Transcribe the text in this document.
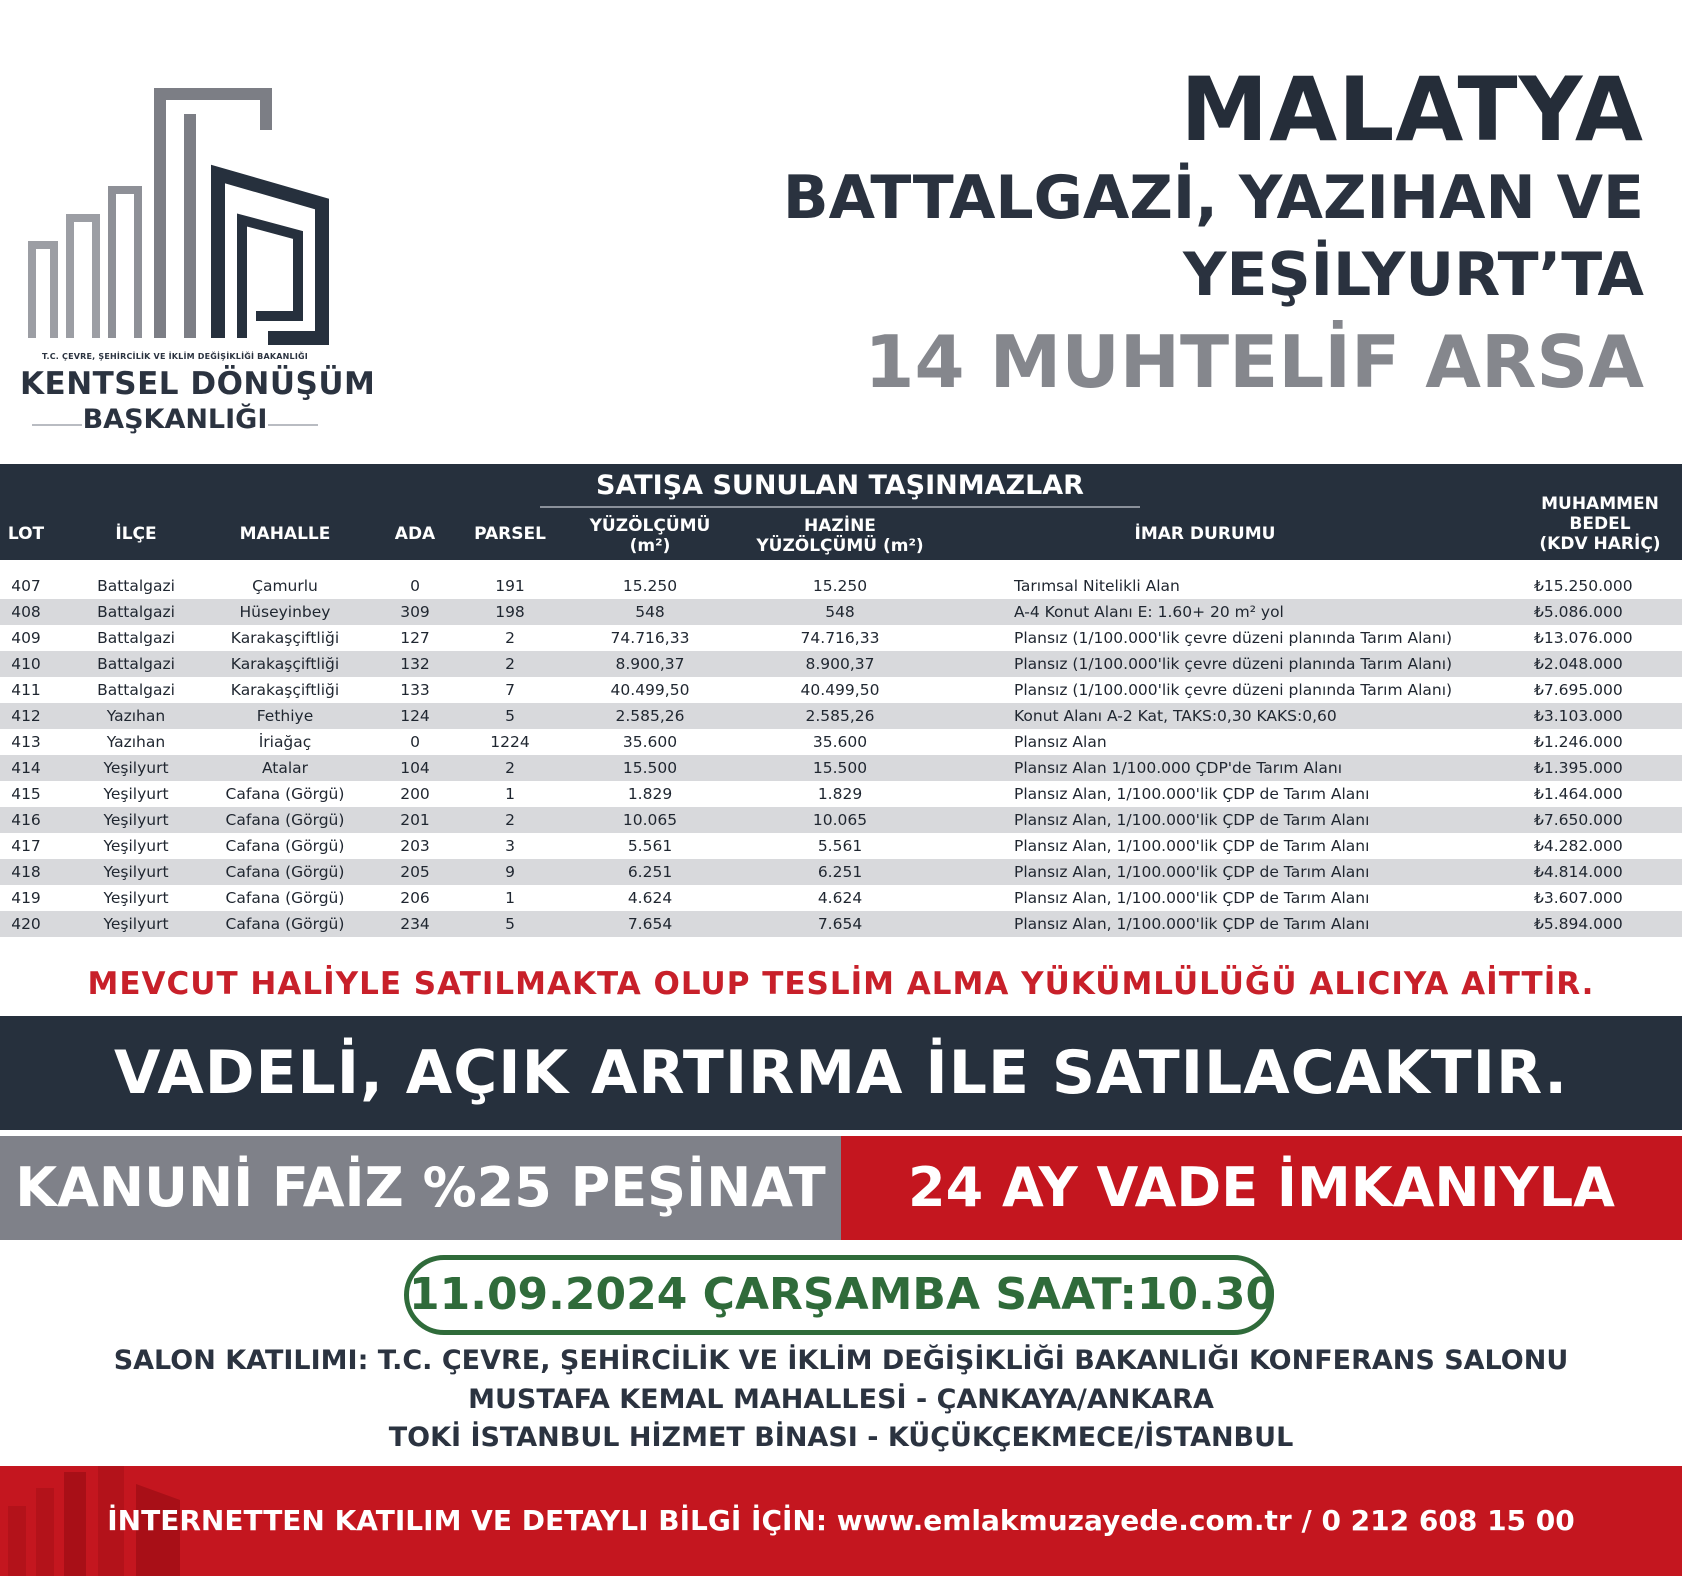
T.C. ÇEVRE, ŞEHİRCİLİK VE İKLİM DEĞİŞİKLİĞİ BAKANLIĞI
KENTSEL DÖNÜŞÜM
BAŞKANLIĞI
MALATYA
BATTALGAZİ, YAZIHAN VE
YEŞİLYURT’TA
14 MUHTELİF ARSA
SATIŞA SUNULAN TAŞINMAZLAR
LOT	İLÇE	MAHALLE	ADA	PARSEL	YÜZÖLÇÜMÜ
(m²)
HAZİNE
YÜZÖLÇÜMÜ (m²)
İMAR DURUMU
MUHAMMEN
BEDEL
(KDV HARİÇ)
407	Battalgazi	Çamurlu	0	191	15.250	15.250	Tarımsal Nitelikli Alan	₺15.250.000
408	Battalgazi	Hüseyinbey	309	198	548	548	A-4 Konut Alanı E: 1.60+ 20 m² yol	₺5.086.000
409	Battalgazi	Karakaşçiftliği	127	2	74.716,33	74.716,33	Plansız (1/100.000'lik çevre düzeni planında Tarım Alanı)	₺13.076.000
410	Battalgazi	Karakaşçiftliği	132	2	8.900,37	8.900,37	Plansız (1/100.000'lik çevre düzeni planında Tarım Alanı)	₺2.048.000
411	Battalgazi	Karakaşçiftliği	133	7	40.499,50	40.499,50	Plansız (1/100.000'lik çevre düzeni planında Tarım Alanı)	₺7.695.000
412	Yazıhan	Fethiye	124	5	2.585,26	2.585,26	Konut Alanı A-2 Kat, TAKS:0,30 KAKS:0,60	₺3.103.000
413	Yazıhan	İriağaç	0	1224	35.600	35.600	Plansız Alan	₺1.246.000
414	Yeşilyurt	Atalar	104	2	15.500	15.500	Plansız Alan 1/100.000 ÇDP'de Tarım Alanı	₺1.395.000
415	Yeşilyurt	Cafana (Görgü)	200	1	1.829	1.829	Plansız Alan, 1/100.000'lik ÇDP de Tarım Alanı	₺1.464.000
416	Yeşilyurt	Cafana (Görgü)	201	2	10.065	10.065	Plansız Alan, 1/100.000'lik ÇDP de Tarım Alanı	₺7.650.000
417	Yeşilyurt	Cafana (Görgü)	203	3	5.561	5.561	Plansız Alan, 1/100.000'lik ÇDP de Tarım Alanı	₺4.282.000
418	Yeşilyurt	Cafana (Görgü)	205	9	6.251	6.251	Plansız Alan, 1/100.000'lik ÇDP de Tarım Alanı	₺4.814.000
419	Yeşilyurt	Cafana (Görgü)	206	1	4.624	4.624	Plansız Alan, 1/100.000'lik ÇDP de Tarım Alanı	₺3.607.000
420	Yeşilyurt	Cafana (Görgü)	234	5	7.654	7.654	Plansız Alan, 1/100.000'lik ÇDP de Tarım Alanı	₺5.894.000
MEVCUT HALİYLE SATILMAKTA OLUP TESLİM ALMA YÜKÜMLÜLÜĞÜ ALICIYA AİTTİR.
VADELİ, AÇIK ARTIRMA İLE SATILACAKTIR.
KANUNİ FAİZ %25 PEŞİNAT	24 AY VADE İMKANIYLA
11.09.2024 ÇARŞAMBA SAAT:10.30
SALON KATILIMI: T.C. ÇEVRE, ŞEHİRCİLİK VE İKLİM DEĞİŞİKLİĞİ BAKANLIĞI KONFERANS SALONU
MUSTAFA KEMAL MAHALLESİ - ÇANKAYA/ANKARA
TOKİ İSTANBUL HİZMET BİNASI - KÜÇÜKÇEKMECE/İSTANBUL
İNTERNETTEN KATILIM VE DETAYLI BİLGİ İÇİN: www.emlakmuzayede.com.tr / 0 212 608 15 00
